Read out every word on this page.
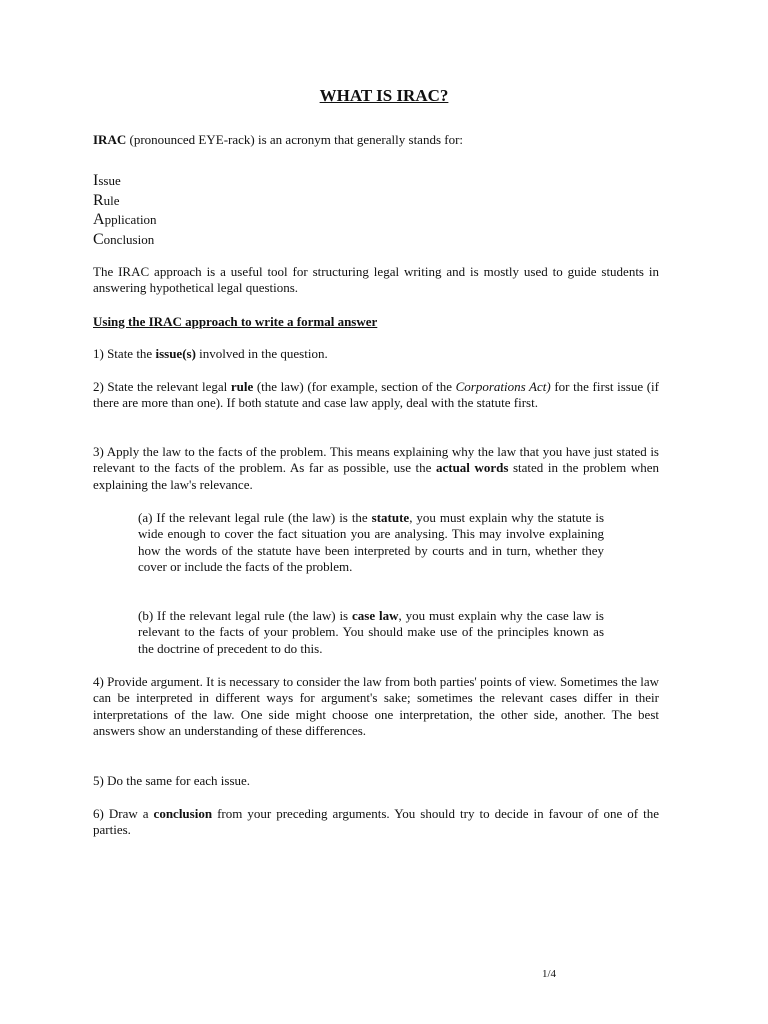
WHAT IS IRAC?

IRAC (pronounced EYE-rack) is an acronym that generally stands for:

Issue
Rule
Application
Conclusion

The IRAC approach is a useful tool for structuring legal writing and is mostly used to guide students in answering hypothetical legal questions.

Using the IRAC approach to write a formal answer

1) State the issue(s) involved in the question.

2) State the relevant legal rule (the law) (for example, section of the Corporations Act) for the first issue (if there are more than one). If both statute and case law apply, deal with the statute first.

3) Apply the law to the facts of the problem. This means explaining why the law that you have just stated is relevant to the facts of the problem. As far as possible, use the actual words stated in the problem when explaining the law's relevance.

(a) If the relevant legal rule (the law) is the statute, you must explain why the statute is wide enough to cover the fact situation you are analysing. This may involve explaining how the words of the statute have been interpreted by courts and in turn, whether they cover or include the facts of the problem.

(b) If the relevant legal rule (the law) is case law, you must explain why the case law is relevant to the facts of your problem. You should make use of the principles known as the doctrine of precedent to do this.

4) Provide argument. It is necessary to consider the law from both parties' points of view. Sometimes the law can be interpreted in different ways for argument's sake; sometimes the relevant cases differ in their interpretations of the law. One side might choose one interpretation, the other side, another. The best answers show an understanding of these differences.

5) Do the same for each issue.

6) Draw a conclusion from your preceding arguments. You should try to decide in favour of one of the parties.

1/4
